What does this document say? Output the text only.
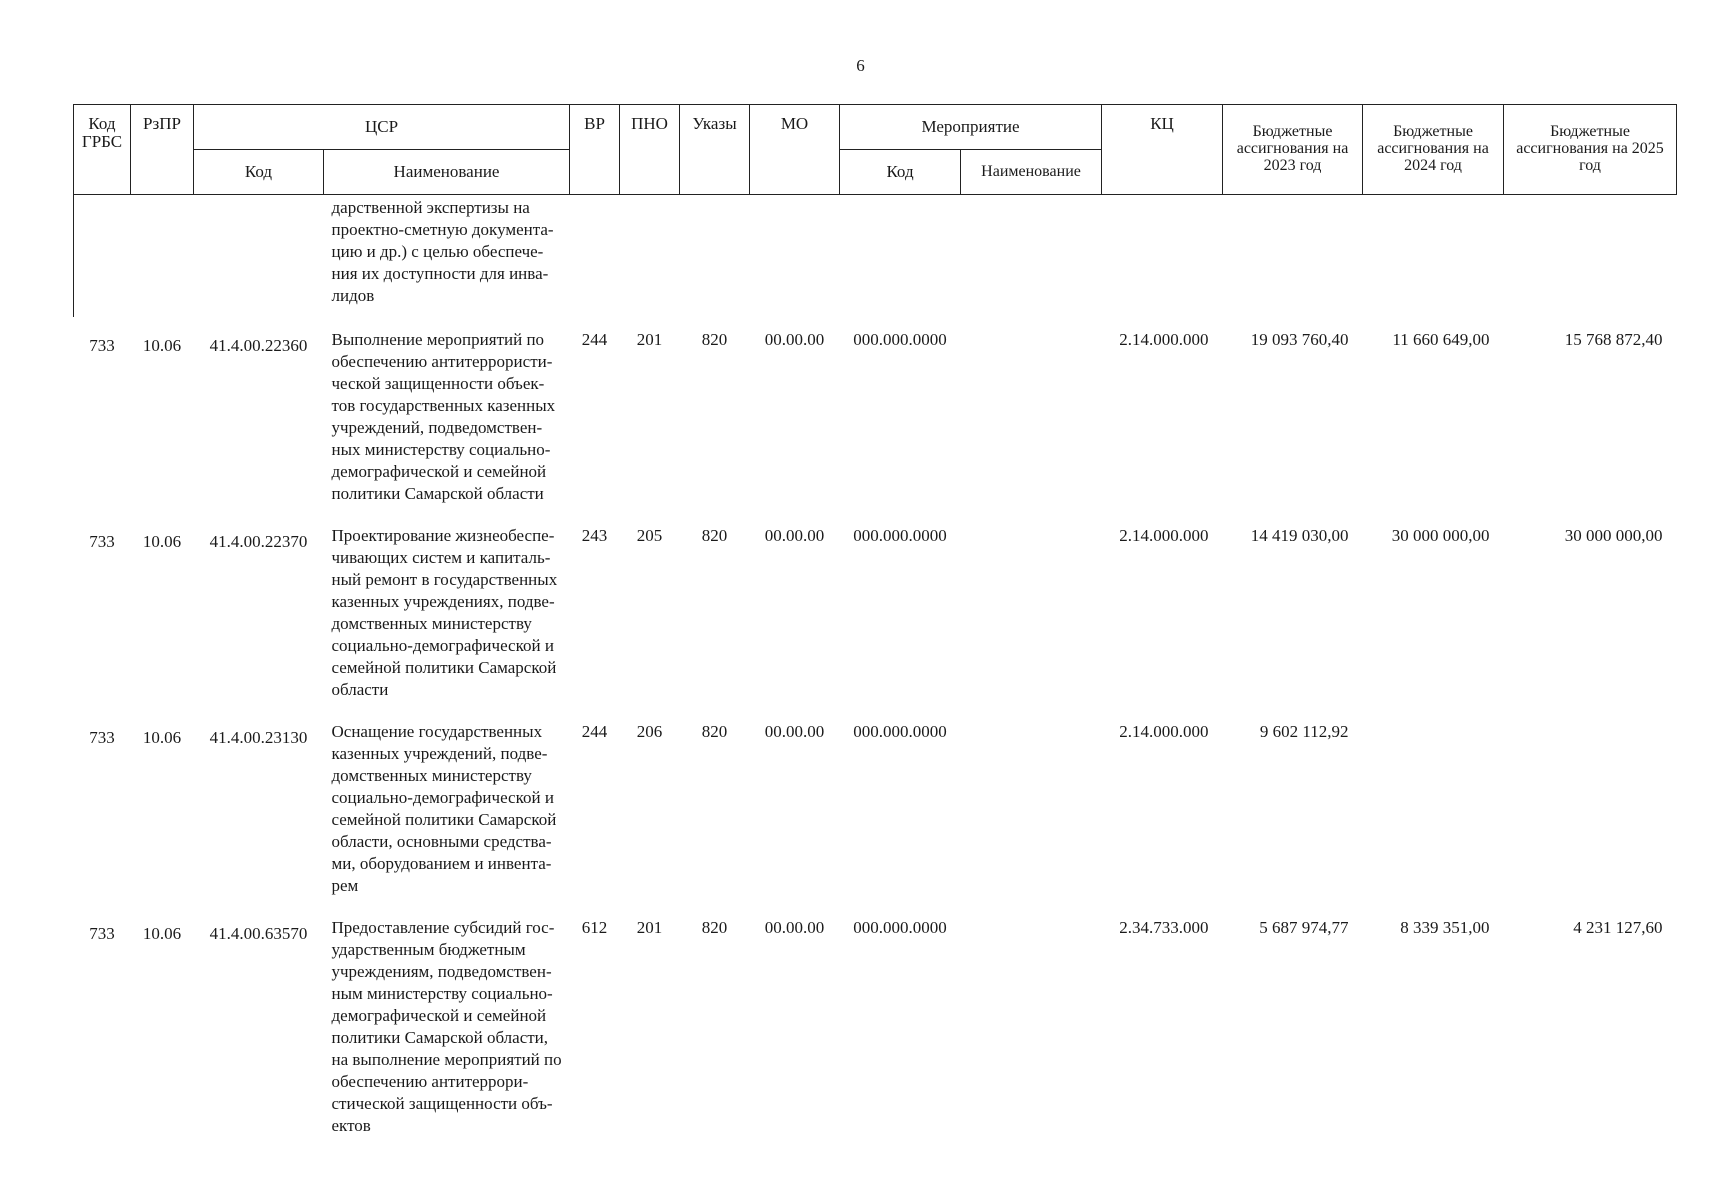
6
Код ГРБС	РзПР	ЦСР		ВР	ПНО	Указы	МО	Мероприятие		КЦ	Бюджетные ассигнования на 2023 год	Бюджетные ассигнования на 2024 год	Бюджетные ассигнования на 2025 год
		Код	Наименование					Код	Наименование				
			дарственной экспертизы на проектно-сметную документа-цию и др.) с целью обеспече-ния их доступности для инва-лидов										
733	10.06	41.4.00.22360	Выполнение мероприятий по обеспечению антитеррористи-ческой защищенности объек-тов государственных казенных учреждений, подведомствен-ных министерству социально-демографической и семейной политики Самарской области	244	201	820	00.00.00	000.000.0000		2.14.000.000	19 093 760,40	11 660 649,00	15 768 872,40
733	10.06	41.4.00.22370	Проектирование жизнеобеспе-чивающих систем и капиталь-ный ремонт в государственных казенных учреждениях, подве-домственных министерству социально-демографической и семейной политики Самарской области	243	205	820	00.00.00	000.000.0000		2.14.000.000	14 419 030,00	30 000 000,00	30 000 000,00
733	10.06	41.4.00.23130	Оснащение государственных казенных учреждений, подве-домственных министерству социально-демографической и семейной политики Самарской области, основными средства-ми, оборудованием и инвента-рем	244	206	820	00.00.00	000.000.0000		2.14.000.000	9 602 112,92		
733	10.06	41.4.00.63570	Предоставление субсидий гос-ударственным бюджетным учреждениям, подведомствен-ным министерству социально-демографической и семейной политики Самарской области, на выполнение мероприятий по обеспечению антитеррори-стической защищенности объ-ектов	612	201	820	00.00.00	000.000.0000		2.34.733.000	5 687 974,77	8 339 351,00	4 231 127,60
